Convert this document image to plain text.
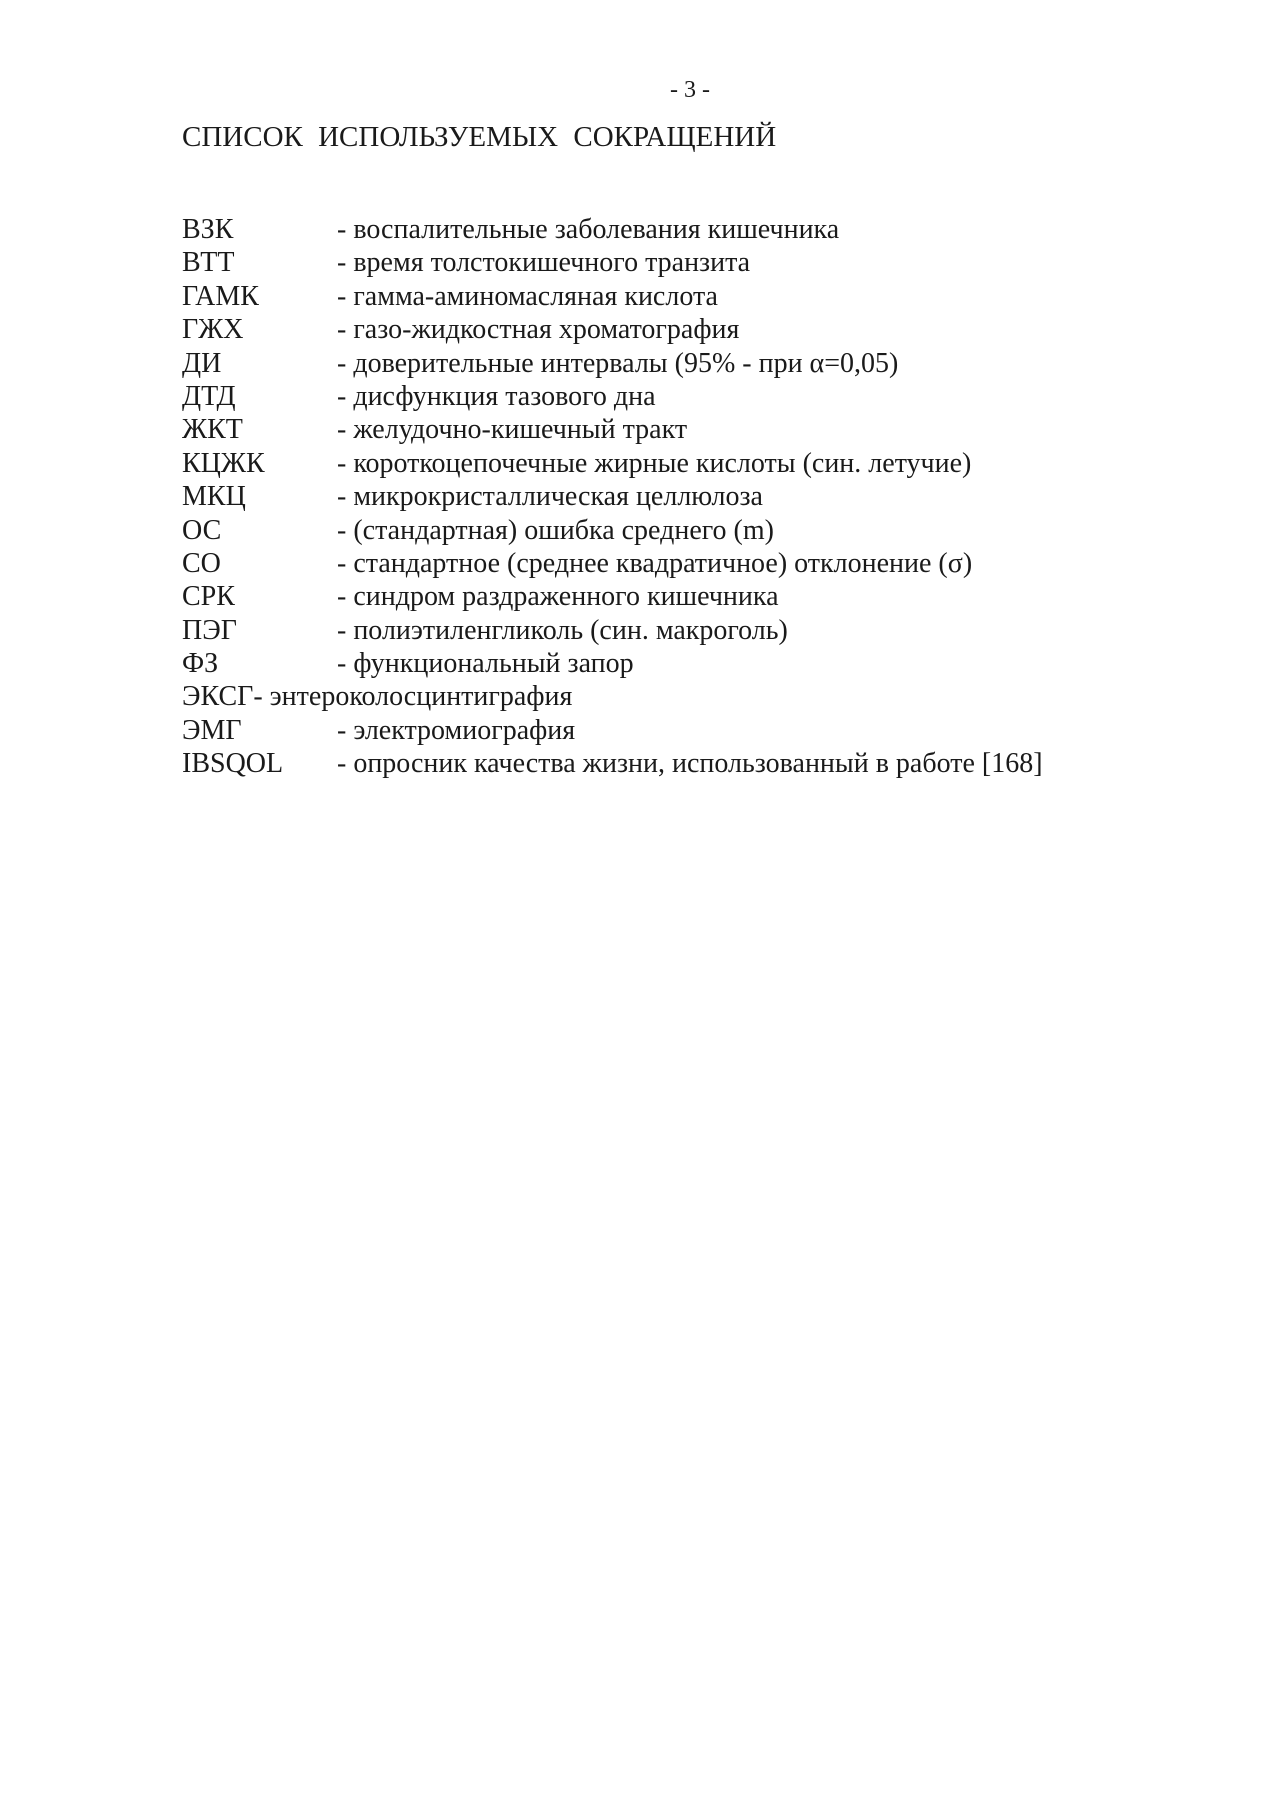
- 3 -
СПИСОК ИСПОЛЬЗУЕМЫХ СОКРАЩЕНИЙ
ВЗК	- воспалительные заболевания кишечника
ВТТ	- время толстокишечного транзита
ГАМК	- гамма-аминомасляная кислота
ГЖХ	- газо-жидкостная хроматография
ДИ	- доверительные интервалы (95% - при α=0,05)
ДТД	- дисфункция тазового дна
ЖКТ	- желудочно-кишечный тракт
КЦЖК	- короткоцепочечные жирные кислоты (син. летучие)
МКЦ	- микрокристаллическая целлюлоза
ОС	- (стандартная) ошибка среднего (m)
СО	- стандартное (среднее квадратичное) отклонение (σ)
СРК	- синдром раздраженного кишечника
ПЭГ	- полиэтиленгликоль (син. макроголь)
ФЗ	- функциональный запор
ЭКСГ- энтероколосцинтиграфия
ЭМГ	- электромиография
IBSQOL - опросник качества жизни, использованный в работе [168]
